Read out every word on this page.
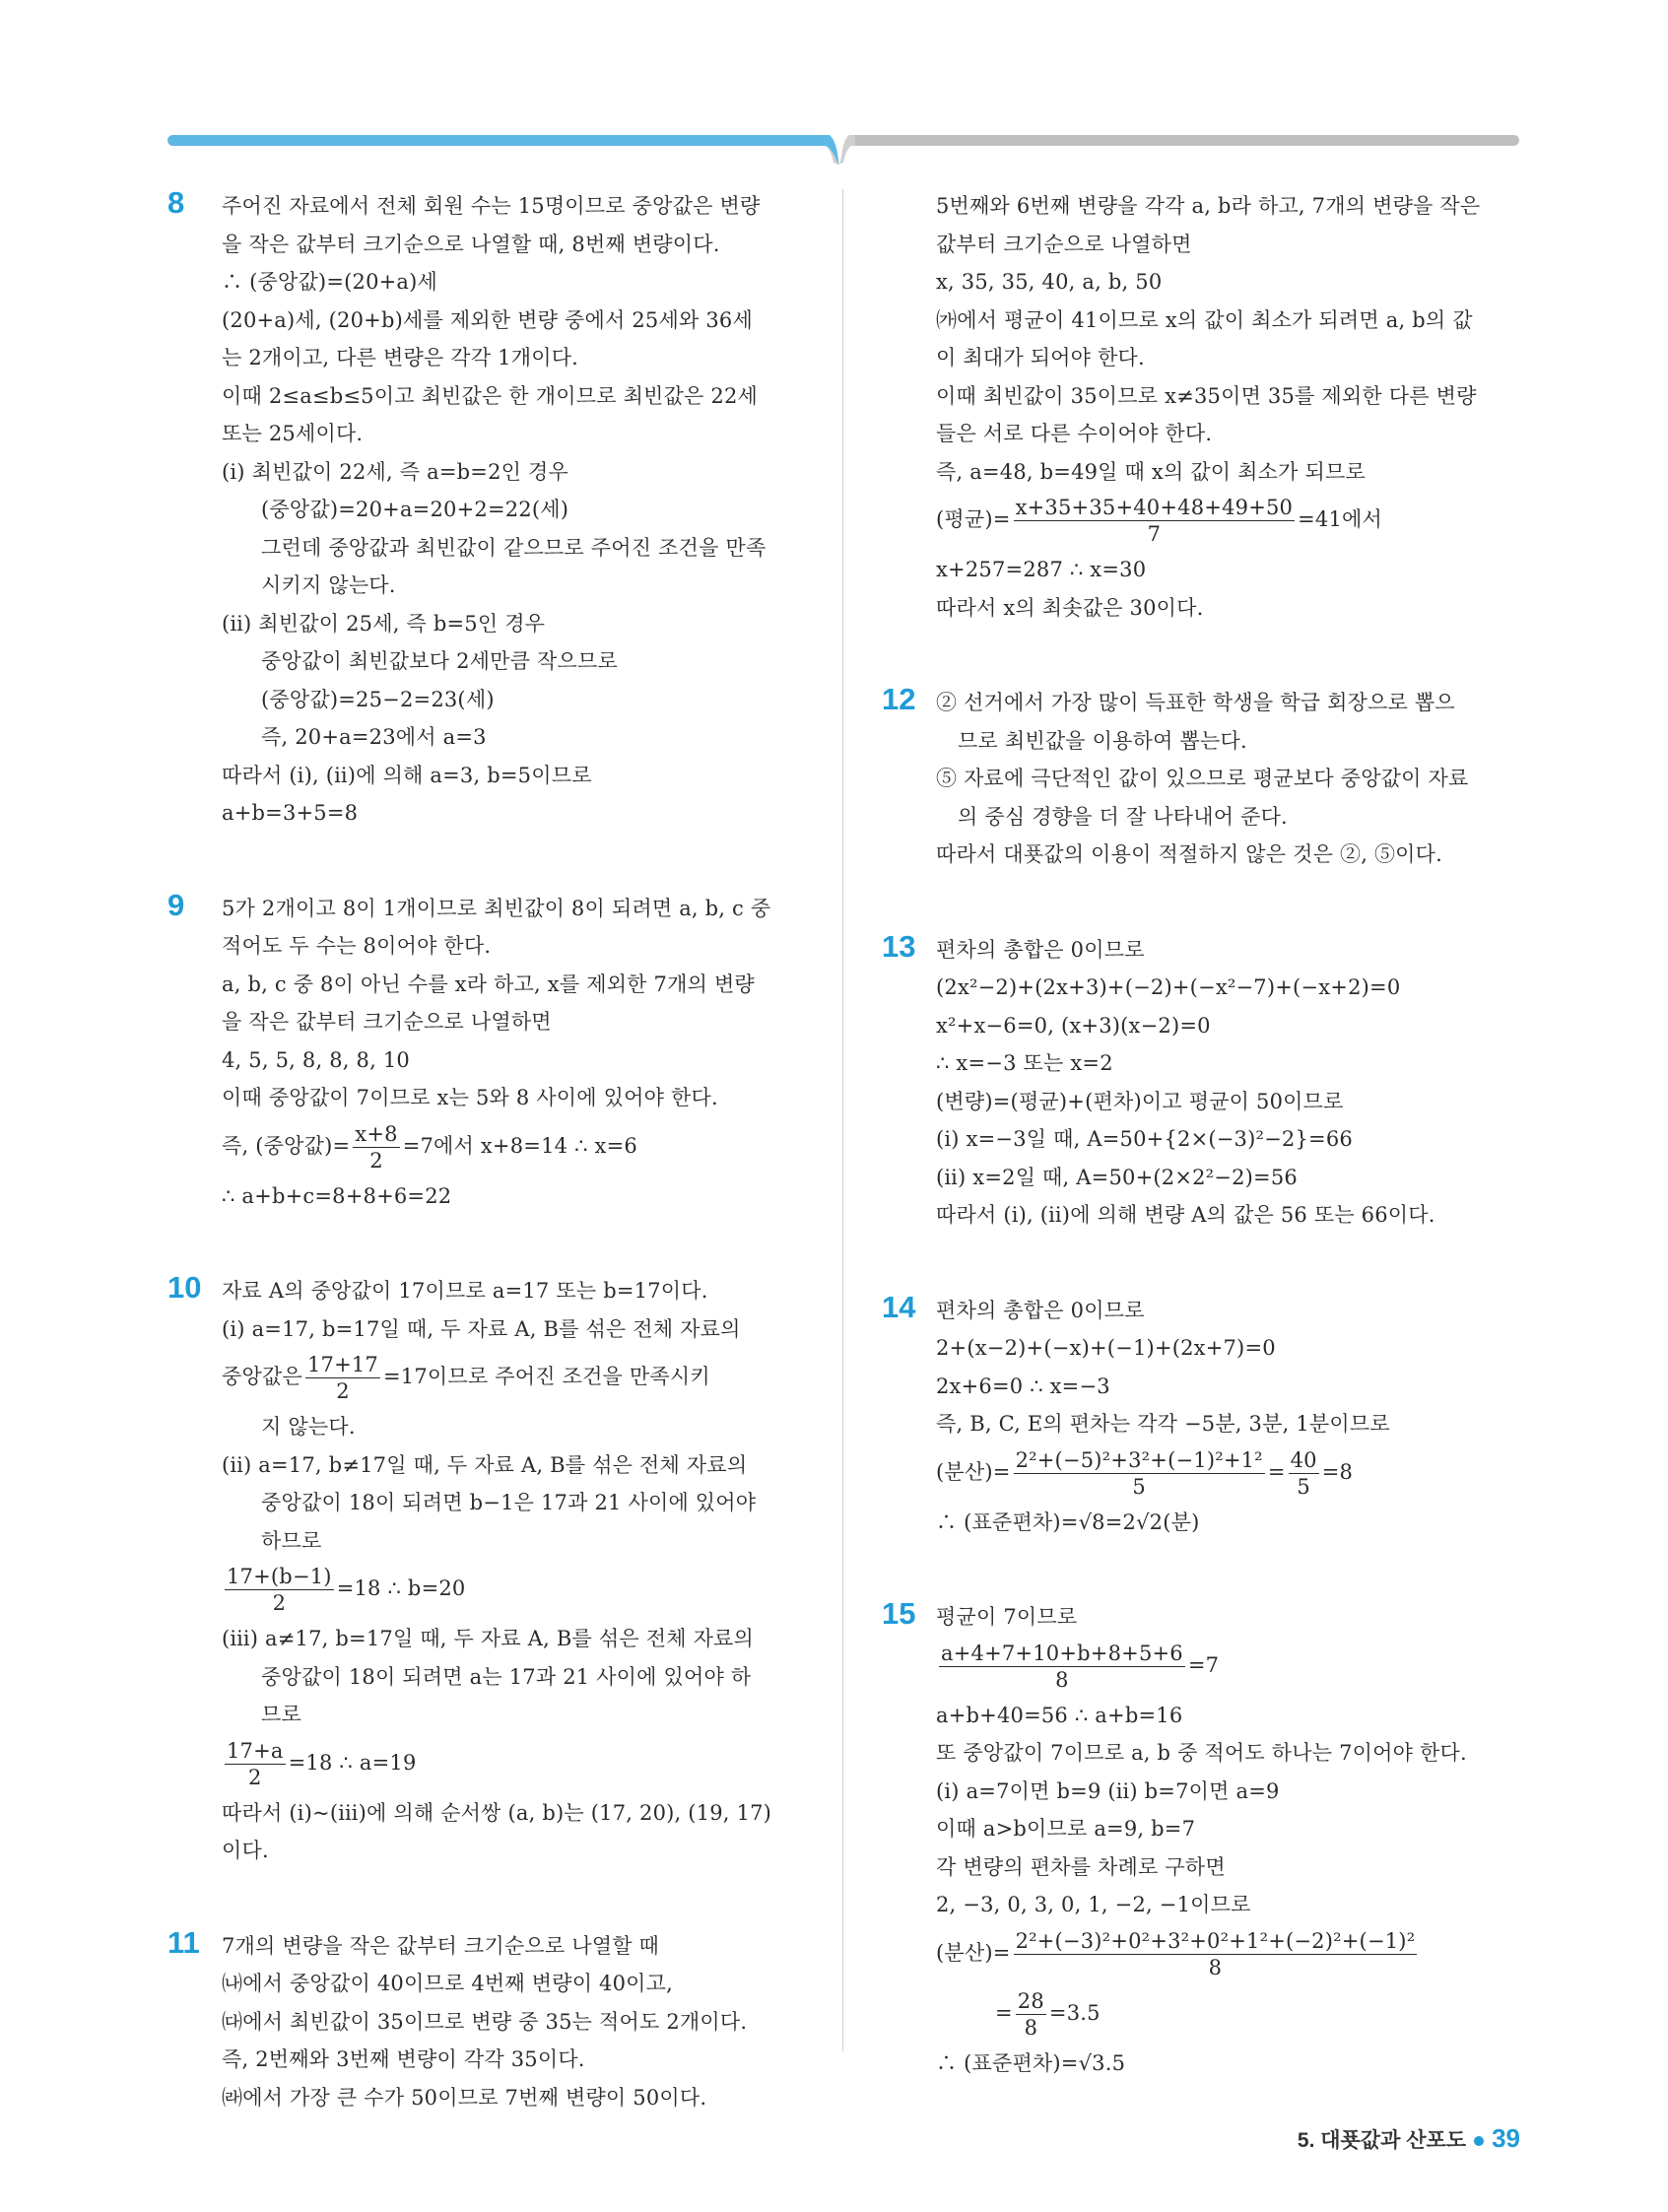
8 주어진 자료에서 전체 회원 수는 15명이므로 중앙값은 변량
을 작은 값부터 크기순으로 나열할 때, 8번째 변량이다.
∴ (중앙값)=(20+a)세
(20+a)세, (20+b)세를 제외한 변량 중에서 25세와 36세
는 2개이고, 다른 변량은 각각 1개이다.
이때 2≤a≤b≤5이고 최빈값은 한 개이므로 최빈값은 22세
또는 25세이다.
(ⅰ) 최빈값이 22세, 즉 a=b=2인 경우
(중앙값)=20+a=20+2=22(세)
그런데 중앙값과 최빈값이 같으므로 주어진 조건을 만족
시키지 않는다.
(ⅱ) 최빈값이 25세, 즉 b=5인 경우
중앙값이 최빈값보다 2세만큼 작으므로
(중앙값)=25−2=23(세)
즉, 20+a=23에서 a=3
따라서 (ⅰ), (ⅱ)에 의해 a=3, b=5이므로
a+b=3+5=8
9 5가 2개이고 8이 1개이므로 최빈값이 8이 되려면 a, b, c 중
적어도 두 수는 8이어야 한다.
a, b, c 중 8이 아닌 수를 x라 하고, x를 제외한 7개의 변량
을 작은 값부터 크기순으로 나열하면
4, 5, 5, 8, 8, 8, 10
이때 중앙값이 7이므로 x는 5와 8 사이에 있어야 한다.
즉, (중앙값)= $\frac{x+8}{2} =7$에서 x+8=14 ∴ x=6
∴ a+b+c=8+8+6=22
10 자료 A의 중앙값이 17이므로 a=17 또는 b=17이다.
(ⅰ) a=17, b=17일 때, 두 자료 A, B를 섞은 전체 자료의
중앙값은 $\frac{17+17}{2} =17$이므로 주어진 조건을 만족시키
지 않는다.
(ⅱ) a=17, b≠17일 때, 두 자료 A, B를 섞은 전체 자료의
중앙값이 18이 되려면 b−1은 17과 21 사이에 있어야
하므로
$\frac{17+(b-1)}{2} =18$ ∴ b=20
(ⅲ) a≠17, b=17일 때, 두 자료 A, B를 섞은 전체 자료의
중앙값이 18이 되려면 a는 17과 21 사이에 있어야 하
므로
$\frac{17+a}{2} =18$ ∴ a=19
따라서 (ⅰ)~(ⅲ)에 의해 순서쌍 (a, b)는 (17, 20), (19, 17)
이다.
11 7개의 변량을 작은 값부터 크기순으로 나열할 때
㈏에서 중앙값이 40이므로 4번째 변량이 40이고,
㈐에서 최빈값이 35이므로 변량 중 35는 적어도 2개이다.
즉, 2번째와 3번째 변량이 각각 35이다.
㈑에서 가장 큰 수가 50이므로 7번째 변량이 50이다.
5번째와 6번째 변량을 각각 a, b라 하고, 7개의 변량을 작은
값부터 크기순으로 나열하면
x, 35, 35, 40, a, b, 50
㈎에서 평균이 41이므로 x의 값이 최소가 되려면 a, b의 값
이 최대가 되어야 한다.
이때 최빈값이 35이므로 x≠35이면 35를 제외한 다른 변량
들은 서로 다른 수이어야 한다.
즉, a=48, b=49일 때 x의 값이 최소가 되므로
(평균)= $\frac{x+35+35+40+48+49+50}{7} =41$에서
x+257=287 ∴ x=30
따라서 x의 최솟값은 30이다.
12 ② 선거에서 가장 많이 득표한 학생을 학급 회장으로 뽑으
므로 최빈값을 이용하여 뽑는다.
⑤ 자료에 극단적인 값이 있으므로 평균보다 중앙값이 자료
의 중심 경향을 더 잘 나타내어 준다.
따라서 대푯값의 이용이 적절하지 않은 것은 ②, ⑤이다.
13 편차의 총합은 0이므로
(2x²−2)+(2x+3)+(−2)+(−x²−7)+(−x+2)=0
x²+x−6=0, (x+3)(x−2)=0
∴ x=−3 또는 x=2
(변량)=(평균)+(편차)이고 평균이 50이므로
(ⅰ) x=−3일 때, A=50+{2×(−3)²−2}=66
(ⅱ) x=2일 때, A=50+(2×2²−2)=56
따라서 (ⅰ), (ⅱ)에 의해 변량 A의 값은 56 또는 66이다.
14 편차의 총합은 0이므로
2+(x−2)+(−x)+(−1)+(2x+7)=0
2x+6=0 ∴ x=−3
즉, B, C, E의 편차는 각각 −5분, 3분, 1분이므로
(분산)= $\frac{\text{2²+(−5)²+3²+(−1)²+1²}}{5} = \frac{40}{5} =8$
∴ (표준편차)=√8=2√2(분)
15 평균이 7이므로
$\frac{a+4+7+10+b+8+5+6}{8} =7$
a+b+40=56 ∴ a+b=16
또 중앙값이 7이므로 a, b 중 적어도 하나는 7이어야 한다.
(ⅰ) a=7이면 b=9 (ⅱ) b=7이면 a=9
이때 a>b이므로 a=9, b=7
각 변량의 편차를 차례로 구하면
2, −3, 0, 3, 0, 1, −2, −1이므로
(분산)= $\frac{\text{2²+(−3)²+0²+3²+0²+1²+(−2)²+(−1)²}}{8}$
= $\frac{28}{8} =3.5$
∴ (표준편차)=√3.5
5. 대푯값과 산포도 39
